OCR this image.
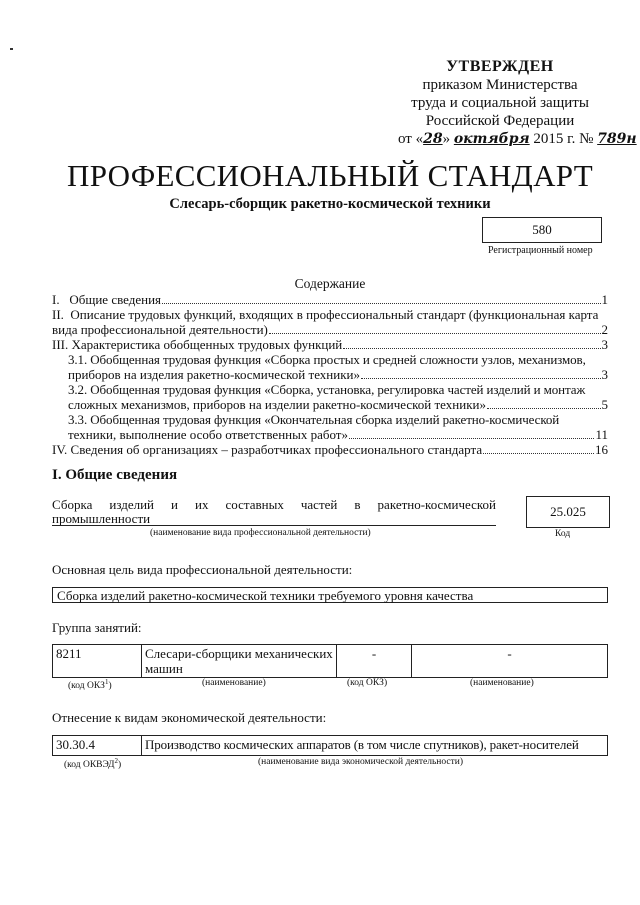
УТВЕРЖДЕН
приказом Министерства
труда и социальной защиты
Российской Федерации
от «28» октября 2015 г. № 789н
ПРОФЕССИОНАЛЬНЫЙ СТАНДАРТ
Слесарь-сборщик ракетно-космической техники
580
Регистрационный номер
Содержание
I.   Общие сведения	1
II.  Описание трудовых функций, входящих в профессиональный стандарт (функциональная карта
вида профессиональной деятельности)	2
III. Характеристика обобщенных трудовых функций	3
3.1. Обобщенная трудовая функция «Сборка простых и средней сложности узлов, механизмов,
приборов на изделия ракетно-космической техники»	3
3.2. Обобщенная трудовая функция «Сборка, установка, регулировка частей изделий и монтаж
сложных механизмов, приборов на изделии ракетно-космической техники»	5
3.3. Обобщенная трудовая функция «Окончательная сборка изделий ракетно-космической
техники, выполнение особо ответственных работ»	11
IV. Сведения об организациях – разработчиках профессионального стандарта	16
I. Общие сведения
Сборка изделий и их составных частей в ракетно-космической
промышленности
(наименование вида профессиональной деятельности)
25.025
Код
Основная цель вида профессиональной деятельности:
Сборка изделий ракетно-космической техники требуемого уровня качества
Группа занятий:
8211	Слесари-сборщики механических машин	-	-
(код ОКЗ$^1$)	(наименование)	(код ОКЗ)	(наименование)
Отнесение к видам экономической деятельности:
30.30.4	Производство космических аппаратов (в том числе спутников), ракет-носителей
(код ОКВЭД$^2$)	(наименование вида экономической деятельности)
